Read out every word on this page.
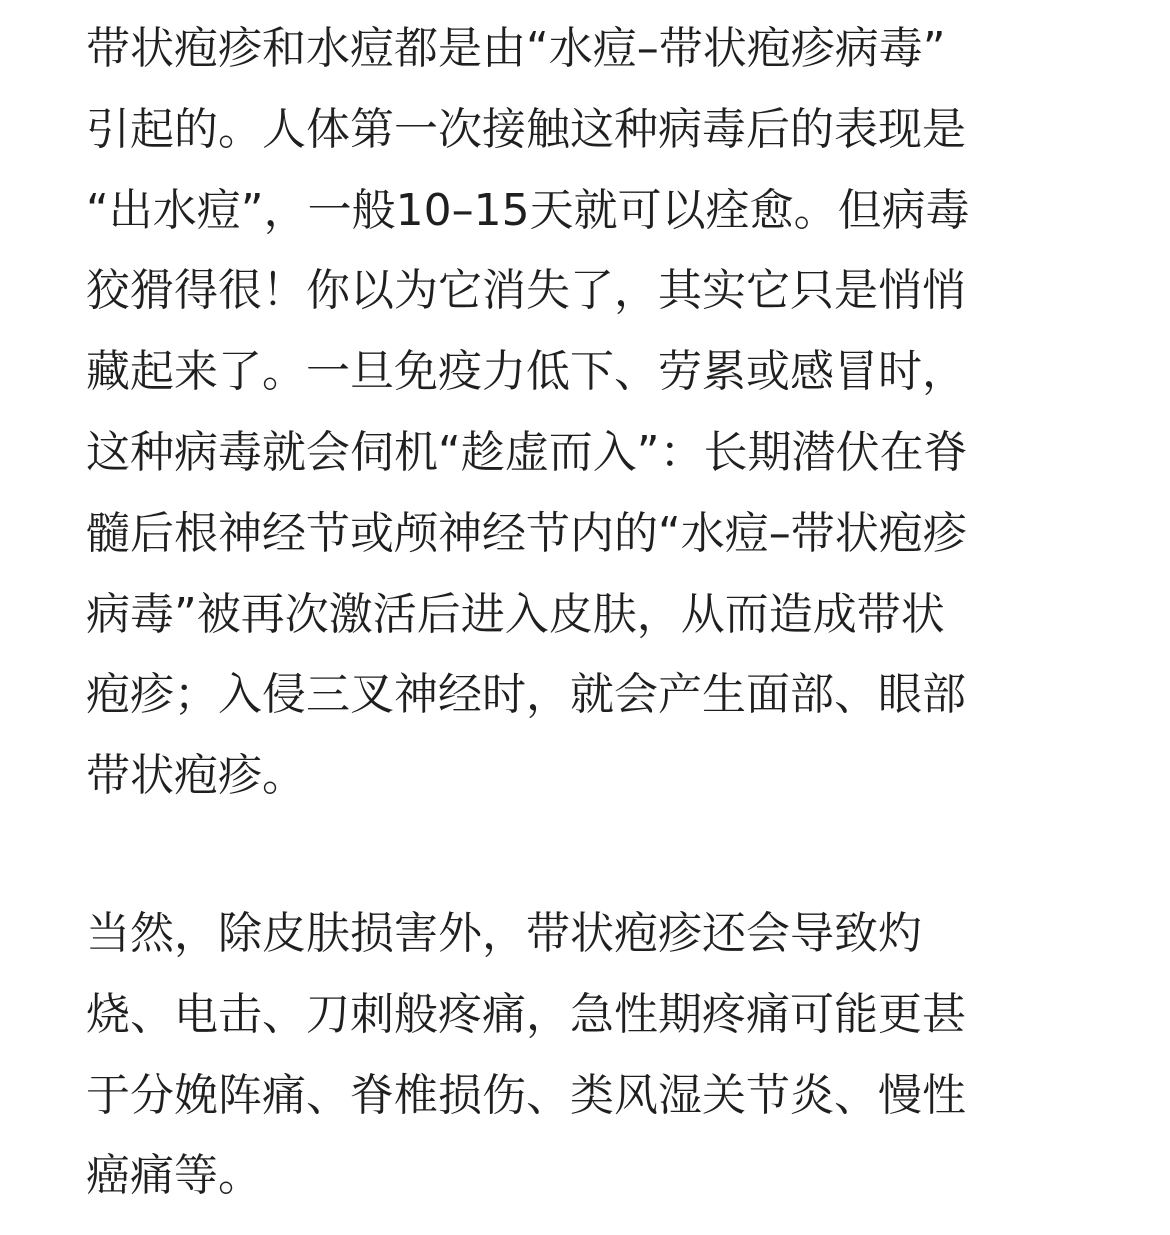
带状疱疹和水痘都是由“水痘–带状疱疹病毒”
引起的。人体第一次接触这种病毒后的表现是
“出水痘”，一般10–15天就可以痊愈。但病毒
狡猾得很！你以为它消失了，其实它只是悄悄
藏起来了。一旦免疫力低下、劳累或感冒时，
这种病毒就会伺机“趁虚而入”：长期潜伏在脊
髓后根神经节或颅神经节内的“水痘–带状疱疹
病毒”被再次激活后进入皮肤，从而造成带状
疱疹；入侵三叉神经时，就会产生面部、眼部
带状疱疹。
当然，除皮肤损害外，带状疱疹还会导致灼
烧、电击、刀刺般疼痛，急性期疼痛可能更甚
于分娩阵痛、脊椎损伤、类风湿关节炎、慢性
癌痛等。
